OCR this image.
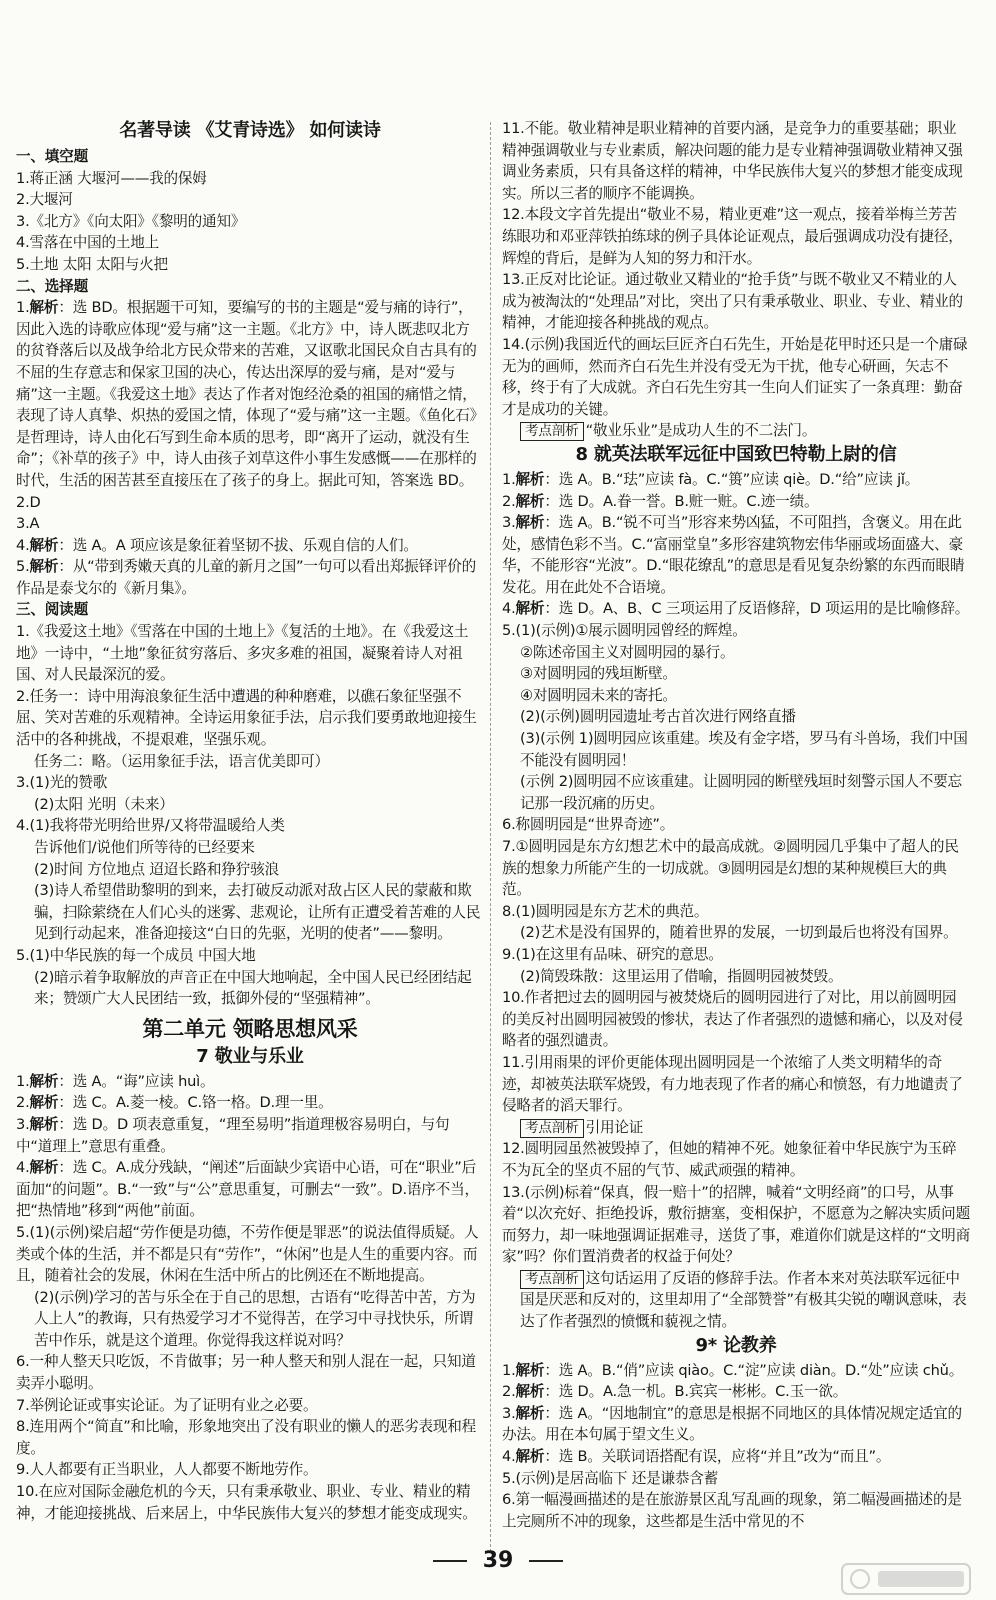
名著导读 《艾青诗选》 如何读诗
一、填空题
1.蒋正涵 大堰河——我的保姆
2.大堰河
3.《北方》《向太阳》《黎明的通知》
4.雪落在中国的土地上
5.土地 太阳 太阳与火把
二、选择题
1.解析：选 BD。根据题干可知，要编写的书的主题是“爱与痛的诗行”，因此入选的诗歌应体现“爱与痛”这一主题。《北方》中，诗人既悲叹北方的贫脊落后以及战争给北方民众带来的苦难，又讴歌北国民众自古具有的不屈的生存意志和保家卫国的决心，传达出深厚的爱与痛，是对“爱与痛”这一主题。《我爱这土地》表达了作者对饱经沧桑的祖国的痛惜之情，表现了诗人真挚、炽热的爱国之情，体现了“爱与痛”这一主题。《鱼化石》是哲理诗，诗人由化石写到生命本质的思考，即“离开了运动，就没有生命”；《补草的孩子》中，诗人由孩子刘草这件小事生发感慨——在那样的时代，生活的困苦甚至直接压在了孩子的身上。据此可知，答案选 BD。
2.D
3.A
4.解析：选 A。A 项应该是象征着坚韧不拔、乐观自信的人们。
5.解析：从“带到秀嫩天真的儿童的新月之国”一句可以看出郑振铎评价的作品是泰戈尔的《新月集》。
三、阅读题
1.《我爱这土地》《雪落在中国的土地上》《复活的土地》。在《我爱这土地》一诗中，“土地”象征贫穷落后、多灾多难的祖国，凝聚着诗人对祖国、对人民最深沉的爱。
2.任务一：诗中用海浪象征生活中遭遇的种种磨难，以礁石象征坚强不屈、笑对苦难的乐观精神。全诗运用象征手法，启示我们要勇敢地迎接生活中的各种挑战，不提艰难，坚强乐观。
任务二：略。（运用象征手法，语言优美即可）
3.(1)光的赞歌
(2)太阳 光明（未来）
4.(1)我将带光明给世界/又将带温暖给人类
告诉他们/说他们所等待的已经要来
(2)时间 方位地点 迢迢长路和狰狞骇浪
(3)诗人希望借助黎明的到来，去打破反动派对敌占区人民的蒙蔽和欺骗，扫除萦绕在人们心头的迷雾、悲观论，让所有正遭受着苦难的人民见到行动起来，准备迎接这“白日的先驱，光明的使者”——黎明。
5.(1)中华民族的每一个成员 中国大地
(2)暗示着争取解放的声音正在中国大地响起，全中国人民已经团结起来；赞颂广大人民团结一致，抵御外侵的“坚强精神”。
第二单元 领略思想风采
7 敬业与乐业
1.解析：选 A。“诲”应读 huì。
2.解析：选 C。A.菱一棱。C.铬一格。D.理一里。
3.解析：选 D。D 项表意重复，“理至易明”指道理极容易明白，与句中“道理上”意思有重叠。
4.解析：选 C。A.成分残缺，“阐述”后面缺少宾语中心语，可在“职业”后面加“的问题”。B.“一致”与“公”意思重复，可删去“一致”。D.语序不当，把“热情地”移到“两他”前面。
5.(1)(示例)梁启超“劳作便是功德，不劳作便是罪恶”的说法值得质疑。人类或个体的生活，并不都是只有“劳作”，“休闲”也是人生的重要内容。而且，随着社会的发展，休闲在生活中所占的比例还在不断地提高。
(2)(示例)学习的苦与乐全在于自己的思想，古语有“吃得苦中苦，方为人上人”的教诲，只有热爱学习才不觉得苦，在学习中寻找快乐，所谓苦中作乐，就是这个道理。你觉得我这样说对吗？
6.一种人整天只吃饭，不肯做事；另一种人整天和别人混在一起，只知道卖弄小聪明。
7.举例论证或事实论证。为了证明有业之必要。
8.连用两个“简直”和比喻，形象地突出了没有职业的懒人的恶劣表现和程度。
9.人人都要有正当职业，人人都要不断地劳作。
10.在应对国际金融危机的今天，只有秉承敬业、职业、专业、精业的精神，才能迎接挑战、后来居上，中华民族伟大复兴的梦想才能变成现实。
11.不能。敬业精神是职业精神的首要内涵，是竞争力的重要基础；职业精神强调敬业与专业素质，解决问题的能力是专业精神强调敬业精神又强调业务素质，只有具备这样的精神，中华民族伟大复兴的梦想才能变成现实。所以三者的顺序不能调换。
12.本段文字首先提出“敬业不易，精业更难”这一观点，接着举梅兰芳苦练眼功和邓亚萍铁拍练球的例子具体论证观点，最后强调成功没有捷径，辉煌的背后，是鲜为人知的努力和汗水。
13.正反对比论证。通过敬业又精业的“抢手货”与既不敬业又不精业的人成为被淘汰的“处理品”对比，突出了只有秉承敬业、职业、专业、精业的精神，才能迎接各种挑战的观点。
14.(示例)我国近代的画坛巨匠齐白石先生，开始是花甲时还只是一个庸碌无为的画师，然而齐白石先生并没有受无为干扰，他专心研画，矢志不移，终于有了大成就。齐白石先生穷其一生向人们证实了一条真理：勤奋才是成功的关键。
考点剖析 “敬业乐业”是成功人生的不二法门。
8 就英法联军远征中国致巴特勒上尉的信
1.解析：选 A。B.“珐”应读 fà。C.“篑”应读 qiè。D.“给”应读 jǐ。
2.解析：选 D。A.眷一誉。B.赃一赃。C.迹一绩。
3.解析：选 A。B.“锐不可当”形容来势凶猛，不可阻挡，含褒义。用在此处，感情色彩不当。C.“富丽堂皇”多形容建筑物宏伟华丽或场面盛大、豪华，不能形容“光波”。D.“眼花缭乱”的意思是看见复杂纷繁的东西而眼睛发花。用在此处不合语境。
4.解析：选 D。A、B、C 三项运用了反语修辞，D 项运用的是比喻修辞。
5.(1)(示例)①展示圆明园曾经的辉煌。
②陈述帝国主义对圆明园的暴行。
③对圆明园的残垣断壁。
④对圆明园未来的寄托。
(2)(示例)圆明园遗址考古首次进行网络直播
(3)(示例 1)圆明园应该重建。埃及有金字塔，罗马有斗兽场，我们中国不能没有圆明园！
(示例 2)圆明园不应该重建。让圆明园的断壁残垣时刻警示国人不要忘记那一段沉痛的历史。
6.称圆明园是“世界奇迹”。
7.①圆明园是东方幻想艺术中的最高成就。②圆明园几乎集中了超人的民族的想象力所能产生的一切成就。③圆明园是幻想的某种规模巨大的典范。
8.(1)圆明园是东方艺术的典范。
(2)艺术是没有国界的，随着世界的发展，一切到最后也将没有国界。
9.(1)在这里有品味、研究的意思。
(2)简毁珠散：这里运用了借喻，指圆明园被焚毁。
10.作者把过去的圆明园与被焚烧后的圆明园进行了对比，用以前圆明园的美反衬出圆明园被毁的惨状，表达了作者强烈的遗憾和痛心，以及对侵略者的强烈谴责。
11.引用雨果的评价更能体现出圆明园是一个浓缩了人类文明精华的奇迹，却被英法联军烧毁，有力地表现了作者的痛心和愤怒，有力地谴责了侵略者的滔天罪行。
考点剖析 引用论证
12.圆明园虽然被毁掉了，但她的精神不死。她象征着中华民族宁为玉碎不为瓦全的坚贞不屈的气节、威武顽强的精神。
13.(示例)标着“保真，假一赔十”的招牌，喊着“文明经商”的口号，从事着“以次充好、拒绝投诉，敷衍搪塞，变相保护，不愿意为之解决实质问题而努力，却一味地强调证据难寻，送货了事，难道你们就是这样的“文明商家”吗？你们置消费者的权益于何处？
考点剖析 这句话运用了反语的修辞手法。作者本来对英法联军远征中国是厌恶和反对的，这里却用了“全部赞誉”有极其尖锐的嘲讽意味，表达了作者强烈的愤慨和藐视之情。
9* 论教养
1.解析：选 A。B.“俏”应读 qiào。C.“淀”应读 diàn。D.“处”应读 chǔ。
2.解析：选 D。A.急一机。B.宾宾一彬彬。C.玉一欲。
3.解析：选 A。“因地制宜”的意思是根据不同地区的具体情况规定适宜的办法。用在本句属于望文生义。
4.解析：选 B。关联词语搭配有误，应将“并且”改为“而且”。
5.(示例)是居高临下 还是谦恭含蓄
6.第一幅漫画描述的是在旅游景区乱写乱画的现象，第二幅漫画描述的是上完厕所不冲的现象，这些都是生活中常见的不
39
